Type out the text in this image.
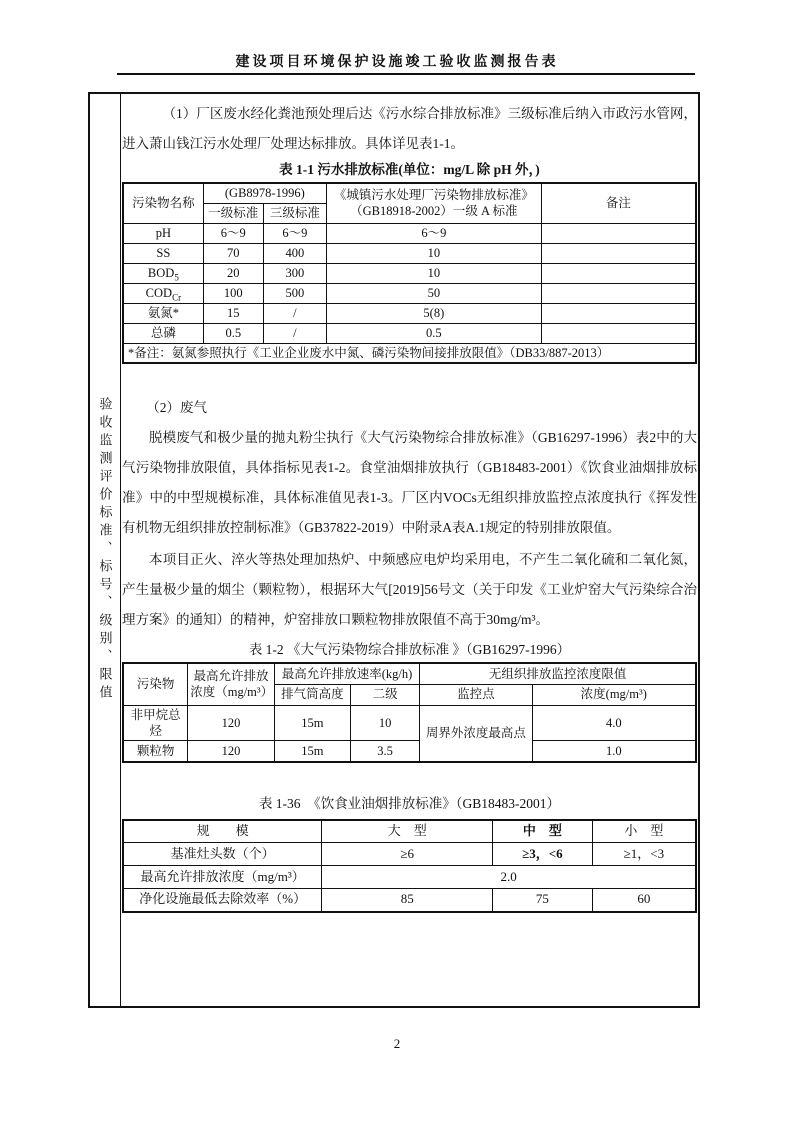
建设项目环境保护设施竣工验收监测报告表
验收监测评价标准、标号、级别、限值

（1）厂区废水经化粪池预处理后达《污水综合排放标准》三级标准后纳入市政污水管网，进入萧山钱江污水处理厂处理达标排放。具体详见表1-1。

表 1-1 污水排放标准(单位：mg/L 除 pH 外，)
污染物名称	(GB8978-1996)		《城镇污水处理厂污染物排放标准》（GB18918-2002）一级 A 标准	备注
	一级标准	三级标准		
pH	6～9	6～9	6～9	
SS	70	400	10	
$BOD_5$	20	300	10	
$COD_{Cr}$	100	500	50	
氨氮*	15	/	5(8)	
总磷	0.5	/	0.5	
*备注：氨氮参照执行《工业企业废水中氮、磷污染物间接排放限值》（DB33/887-2013）				

（2）废气

脱模废气和极少量的抛丸粉尘执行《大气污染物综合排放标准》（GB16297-1996）表2中的大气污染物排放限值，具体指标见表1-2。食堂油烟排放执行（GB18483-2001）《饮食业油烟排放标准》中的中型规模标准，具体标准值见表1-3。厂区内VOCs无组织排放监控点浓度执行《挥发性有机物无组织排放控制标准》（GB37822-2019）中附录A表A.1规定的特别排放限值。

本项目正火、淬火等热处理加热炉、中频感应电炉均采用电，不产生二氧化硫和二氧化氮，产生量极少量的烟尘（颗粒物），根据环大气[2019]56号文（关于印发《工业炉窑大气污染综合治理方案》的通知）的精神，炉窑排放口颗粒物排放限值不高于30mg/m³。

表 1-2 《大气污染物综合排放标准 》（GB16297-1996）
污染物	最高允许排放浓度（mg/m³）	最高允许排放速率(kg/h)		无组织排放监控浓度限值	
		排气筒高度	二级	监控点	浓度(mg/m³)
非甲烷总烃	120	15m	10	周界外浓度最高点	4.0
颗粒物	120	15m	3.5		1.0
表 1-36　《饮食业油烟排放标准》（GB18483-2001）
规　　模	大　型	中　型	小　型
基准灶头数（个）	≥6	≥3，<6	≥1，<3
最高允许排放浓度（mg/m³）	2.0		
净化设施最低去除效率（%）	85	75	60
2
